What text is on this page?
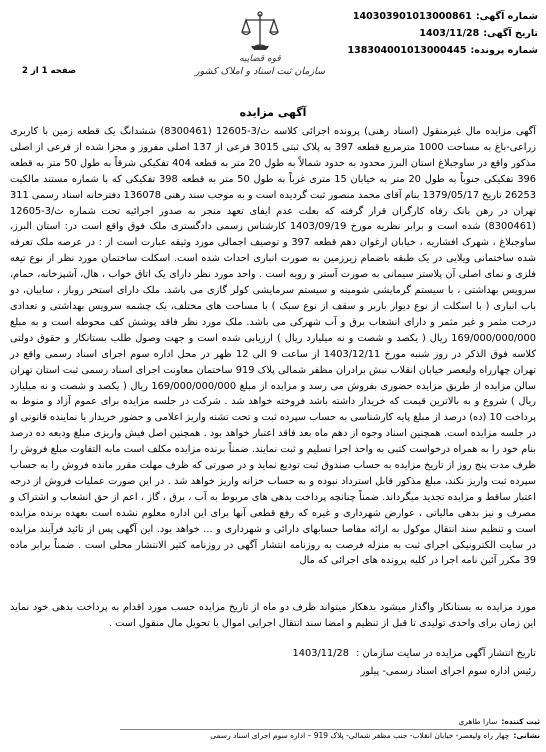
شماره آگهی:
140303901013000861
تاریخ آگهی:
1403/11/28
شماره پرونده:
138304001013000445
قوه قضاییه
سازمان ثبت اسناد و املاک کشور
صفحه 1 از 2
آگهی مزایده
آگهی مزایده مال غیرمنقول (اسناد رهنی) پرونده اجرائی کلاسه ث/3-12605 (8300461) ششدانگ یک قطعه زمین با کاربری زراعی-باغ به مساحت 1000 مترمربع قطعه 397 به پلاک ثبتی 3015 فرعی از 137 اصلی مفروز و مجزا شده از فرعی از اصلی مذکور واقع در ساوجبلاغ استان البرز محدود به حدود شمالاً به طول 20 متر به قطعه 404 تفکیکی شرقاً به طول 50 متر به قطعه 396 تفکیکی جنوباً به طول 20 متر به خیابان 15 متری غرباً به طول 50 متر به قطعه 398 تفکیکی که با شماره مستند مالکیت 26253 تاریخ 1379/05/17 بنام آقای محمد منصور ثبت گردیده است و به موجب سند رهنی 136078 دفترخانه اسناد رسمی 311 تهران در رهن بانک رفاه کارگران قرار گرفته که بعلت عدم ایفای تعهد منجر به صدور اجرائیه تحت شماره ث/3-12605 (8300461) شده است و برابر نظریه مورخ 1403/09/19 کارشناس رسمی دادگستری ملک فوق واقع است در: استان البرز، ساوجبلاغ ، شهرک افشاریه ، خیابان ارغوان دهم قطعه 397 و توصیف اجمالی مورد وثیقه عبارت است از : در عرصه ملک تعرفه شده ساختمانی ویلایی در یک طبقه باضمام زیرزمین به صورت انباری احداث شده است. اسکلت ساختمان مورد نظر از نوع تیغه فلزی و نمای اصلی آن پلاستر سیمانی به صورت آستر و رویه است . واحد مورد نظر دارای یک اتاق خواب ، هال، آشپزخانه، حمام، سرویس بهداشتی ، با سیستم گرمایشی شومینه و سیستم سرمایشی کولر گازی می باشد. ملک دارای استخر روباز ، سایبان، دو باب انباری ( با اسکلت از نوع دیوار باربر و سقف از نوع سبک ) با مساحت های مختلف، یک چشمه سرویس بهداشتی و تعدادی درخت مثمر و غیر مثمر و دارای انشعاب برق و آب شهرکی می باشد. ملک مورد نظر فاقد پوشش کف محوطه است و به مبلغ 169/000/000/000 ریال ( یکصد و شصت و نه میلیارد ریال ) ارزیابی شده است و جهت وصول طلب بستانکار و حقوق دولتی کلاسه فوق الذکر در روز شنبه مورخ 1403/12/11 از ساعت 9 الی 12 ظهر در محل اداره سوم اجرای اسناد رسمی واقع در تهران چهارراه ولیعصر خیابان انقلاب نبش برادران مظفر شمالی پلاک 919 ساختمان معاونت اجرای اسناد رسمی ثبت استان تهران سالن مزایده از طریق مزایده حضوری بفروش می رسد و مزایده از مبلغ 169/000/000/000 ریال ( یکصد و شصت و نه میلیارد ریال ) شروع و به بالاترین قیمت که خریدار داشته باشد فروخته خواهد شد . شرکت در جلسه مزایده برای عموم آزاد و منوط به پرداخت 10 (ده) درصد از مبلغ پایه کارشناسی به حساب سپرده ثبت و تحت تشنه واریز اعلامی و حضور خریدار یا نماینده قانونی او در جلسه مزایده است. همچنین اسناد وجوه از دهم ماه بعد فاقد اعتبار خواهد بود . همچنین اصل فیش واریزی مبلغ ودیعه ده درصد بنام خود را به همراه درخواست کتبی به واحد اجرا تسلیم و ثبت نمایند. ضمناً برنده مزایده مکلف است مابه التفاوت مبلغ فروش را ظرف مدت پنج روز از تاریخ مزایده به حساب صندوق ثبت تودیع نماید و در صورتی که ظرف مهلت مقرر مانده فروش را به حساب سپرده ثبت واریز نکند، مبلغ مذکور قابل استرداد نبوده و به حساب خزانه واریز خواهد شد . در این صورت عملیات فروش از درجه اعتبار ساقط و مزایده تجدید میگرداند. ضمناً چنانچه پرداخت بدهی های مربوط به آب ، برق ، گاز ، اعم از حق انشعاب و اشتراک و مصرف و نیز بدهی مالیاتی ، عوارض شهرداری و غیره که رفع قطعی آنها برای این اداره معلوم نشده است بعهده برنده مزایده است و تنظیم سند انتقال موکول به ارائه مفاصا حسابهای دارائی و شهرداری و ... خواهد بود. این آگهی پس از تائید فرآیند مزایده در سایت الکترونیکی اجرای ثبت به منزله فرصت به روزنامه انتشار آگهی در روزنامه کثیر الانتشار محلی است . ضمناً برابر ماده 39 مکرر آئین نامه اجرا در کلیه پرونده های اجرائی که مال
مورد مزایده به بستانکار واگذار میشود بدهکار میتواند ظرف دو ماه از تاریخ مزایده حسب مورد اقدام به پرداخت بدهی خود نماید این زمان برای واحدی تولیدی تا قبل از تنظیم و امضا سند انتقال اجرایی اموال یا تحویل مال منقول است .
تاریخ انتشار آگهی مزایده در سایت سازمان : 1403/11/28
رئیس اداره سوم اجرای اسناد رسمی- پیلور
ثبت کننده:
سارا طاهری
نشانی:
چهار راه ولیعصر- خیابان انقلاب- جنب مظفر شمالی- پلاک 919 – اداره سوم اجرای اسناد رسمی
